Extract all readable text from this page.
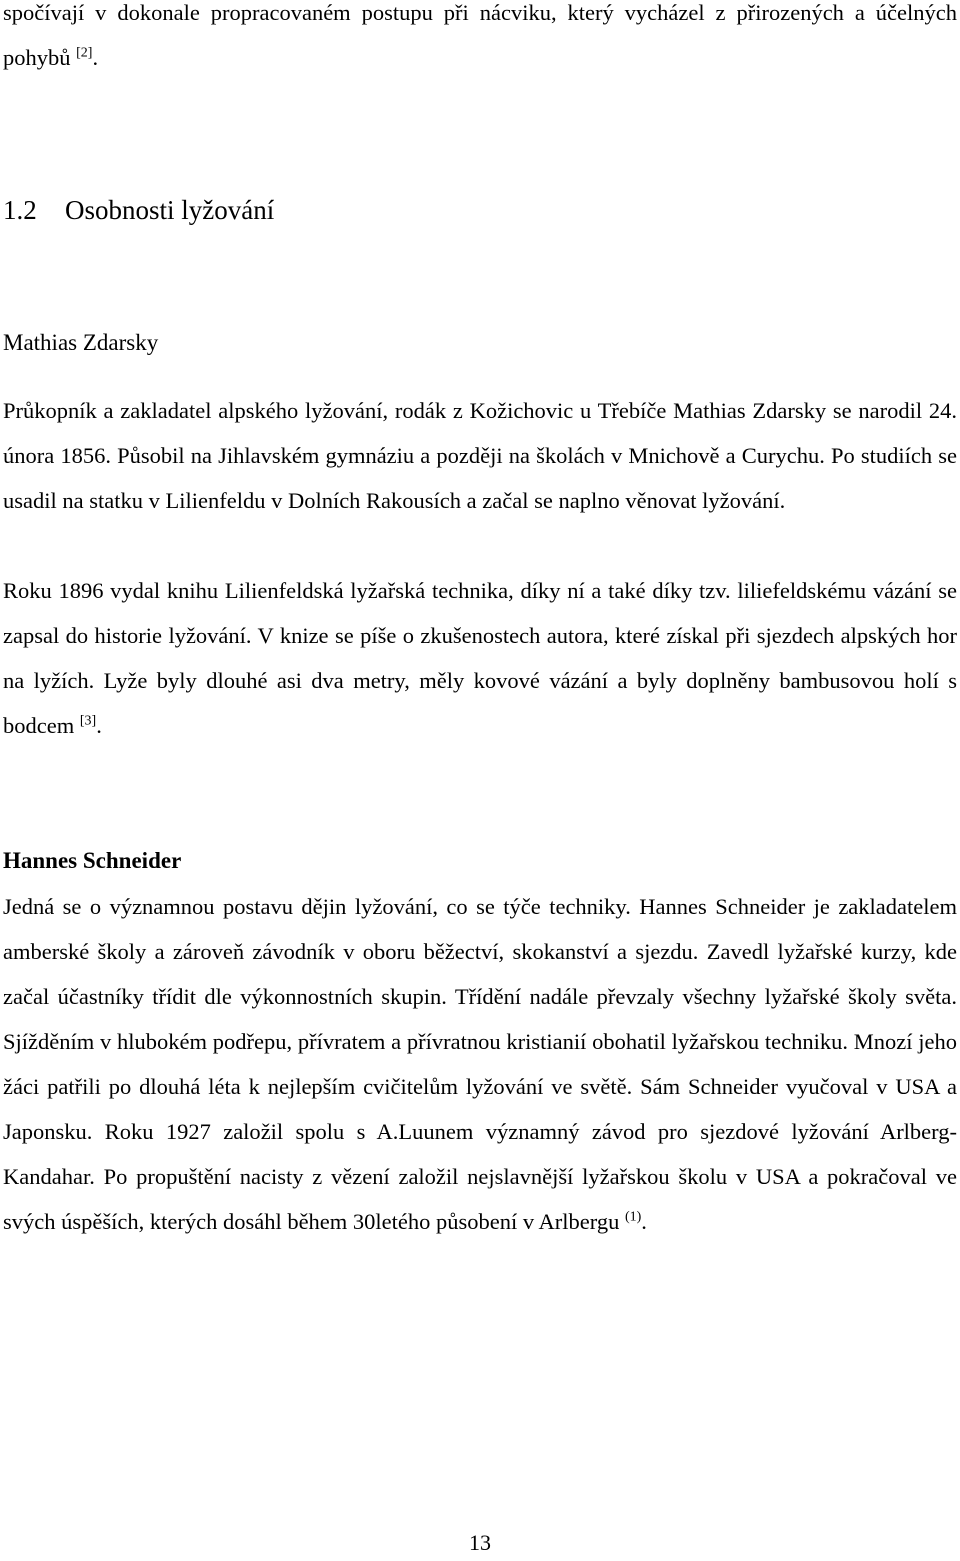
spočívají v dokonale propracovaném postupu při nácviku, který vycházel z přirozených a účelných pohybů [2].

1.2 Osobnosti lyžování
Mathias Zdarsky

Průkopník a zakladatel alpského lyžování, rodák z Kožichovic u Třebíče Mathias Zdarsky se narodil 24. února 1856. Působil na Jihlavském gymnáziu a později na školách v Mnichově a Curychu. Po studiích se usadil na statku v Lilienfeldu v Dolních Rakousích a začal se naplno věnovat lyžování.

Roku 1896 vydal knihu Lilienfeldská lyžařská technika, díky ní a také díky tzv. liliefeldskému vázání se zapsal do historie lyžování. V knize se píše o zkušenostech autora, které získal při sjezdech alpských hor na lyžích. Lyže byly dlouhé asi dva metry, měly kovové vázání a byly doplněny bambusovou holí s bodcem [3].

Hannes Schneider

Jedná se o významnou postavu dějin lyžování, co se týče techniky. Hannes Schneider je zakladatelem amberské školy a zároveň závodník v oboru běžectví, skokanství a sjezdu. Zavedl lyžařské kurzy, kde začal účastníky třídit dle výkonnostních skupin. Třídění nadále převzaly všechny lyžařské školy světa. Sjížděním v hlubokém podřepu, přívratem a přívratnou kristianií obohatil lyžařskou techniku. Mnozí jeho žáci patřili po dlouhá léta k nejlepším cvičitelům lyžování ve světě. Sám Schneider vyučoval v USA a Japonsku. Roku 1927 založil spolu s A.Luunem významný závod pro sjezdové lyžování Arlberg-Kandahar. Po propuštění nacisty z vězení založil nejslavnější lyžařskou školu v USA a pokračoval ve svých úspěších, kterých dosáhl během 30letého působení v Arlbergu $^{(1)}$.

13
